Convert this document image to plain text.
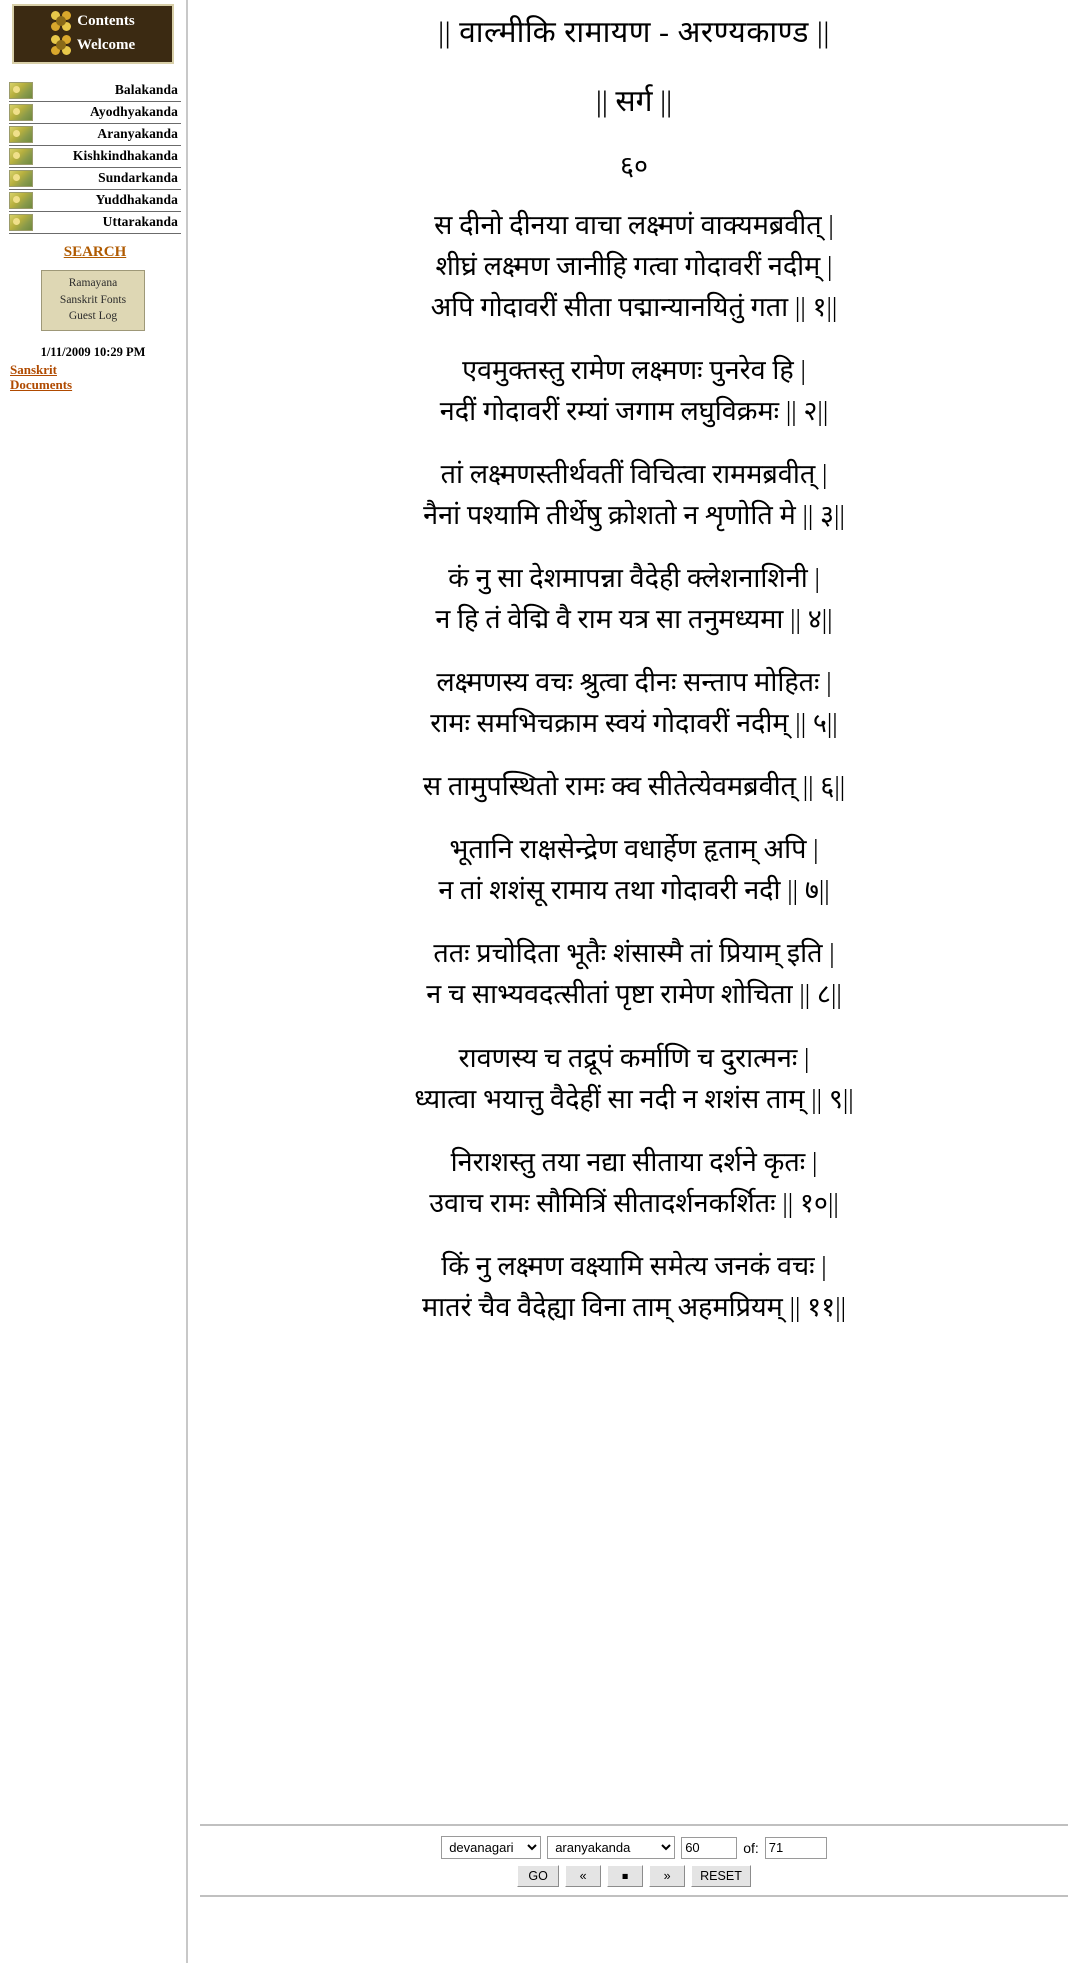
Contents
Welcome
Balakanda
Ayodhyakanda
Aranyakanda
Kishkindhakanda
Sundarkanda
Yuddhakanda
Uttarakanda
SEARCH
Ramayana
Sanskrit Fonts
Guest Log
1/11/2009 10:29 PM
Sanskrit
Documents
|| वाल्मीकि रामायण - अरण्यकाण्ड ||
|| सर्ग ||
६०
स दीनो दीनया वाचा लक्ष्मणं वाक्यमब्रवीत् |
शीघ्रं लक्ष्मण जानीहि गत्वा गोदावरीं नदीम् |
अपि गोदावरीं सीता पद्मान्यानयितुं गता || १||
एवमुक्तस्तु रामेण लक्ष्मणः पुनरेव हि |
नदीं गोदावरीं रम्यां जगाम लघुविक्रमः || २||
तां लक्ष्मणस्तीर्थवतीं विचित्वा राममब्रवीत् |
नैनां पश्यामि तीर्थेषु क्रोशतो न शृणोति मे || ३||
कं नु सा देशमापन्ना वैदेही क्लेशनाशिनी |
न हि तं वेद्मि वै राम यत्र सा तनुमध्यमा || ४||
लक्ष्मणस्य वचः श्रुत्वा दीनः सन्ताप मोहितः |
रामः समभिचक्राम स्वयं गोदावरीं नदीम् || ५||
स तामुपस्थितो रामः क्व सीतेत्येवमब्रवीत् || ६||
भूतानि राक्षसेन्द्रेण वधार्हेण हृताम् अपि |
न तां शशंसू रामाय तथा गोदावरी नदी || ७||
ततः प्रचोदिता भूतैः शंसास्मै तां प्रियाम् इति |
न च साभ्यवदत्सीतां पृष्टा रामेण शोचिता || ८||
रावणस्य च तद्रूपं कर्माणि च दुरात्मनः |
ध्यात्वा भयात्तु वैदेहीं सा नदी न शशंस ताम् || ९||
निराशस्तु तया नद्या सीताया दर्शने कृतः |
उवाच रामः सौमित्रिं सीतादर्शनकर्शितः || १०||
किं नु लक्ष्मण वक्ष्यामि समेत्य जनकं वचः |
मातरं चैव वैदेह्या विना ताम् अहमप्रियम् || ११||
devanagari
aranyakanda
60
of:
71
GO	«	⏹	»	RESET
